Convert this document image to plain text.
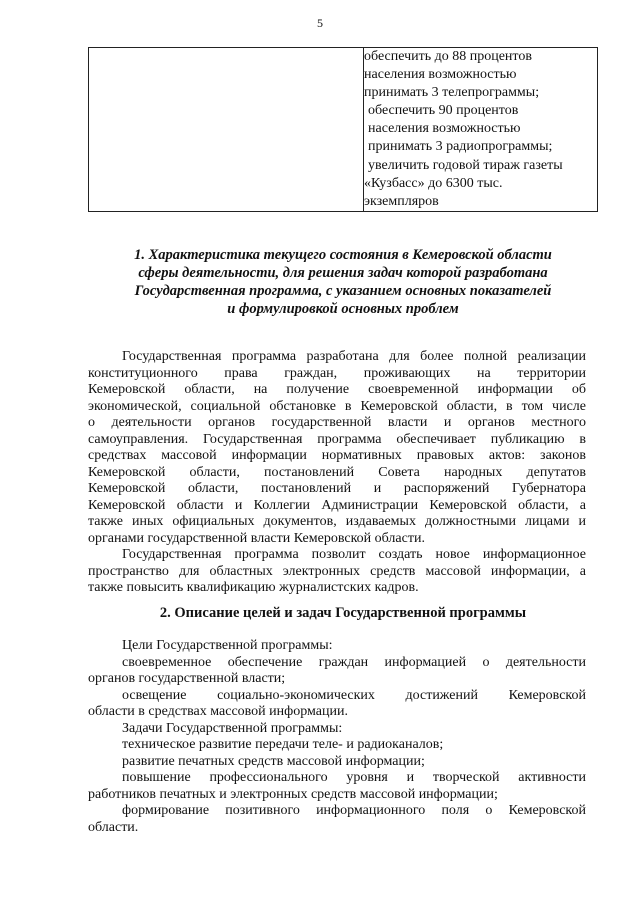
5

обеспечить до 88 процентов
населения возможностью
принимать 3 телепрограммы;
обеспечить 90 процентов
населения возможностью
принимать 3 радиопрограммы;
увеличить годовой тираж газеты
«Кузбасс» до 6300 тыс.
экземпляров
1. Характеристика текущего состояния в Кемеровской области
сферы деятельности, для решения задач которой разработана
Государственная программа, с указанием основных показателей
и формулировкой основных проблем
Государственная программа разработана для более полной реализации
конституционного права граждан, проживающих на территории
Кемеровской области, на получение своевременной информации об
экономической, социальной обстановке в Кемеровской области, в том числе
о деятельности органов государственной власти и органов местного
самоуправления. Государственная программа обеспечивает публикацию в
средствах массовой информации нормативных правовых актов: законов
Кемеровской области, постановлений Совета народных депутатов
Кемеровской области, постановлений и распоряжений Губернатора
Кемеровской области и Коллегии Администрации Кемеровской области, а
также иных официальных документов, издаваемых должностными лицами и
органами государственной власти Кемеровской области.
Государственная программа позволит создать новое информационное
пространство для областных электронных средств массовой информации, а
также повысить квалификацию журналистских кадров.
2. Описание целей и задач Государственной программы
Цели Государственной программы:
своевременное обеспечение граждан информацией о деятельности
органов государственной власти;
освещение социально-экономических достижений Кемеровской
области в средствах массовой информации.
Задачи Государственной программы:
техническое развитие передачи теле- и радиоканалов;
развитие печатных средств массовой информации;
повышение профессионального уровня и творческой активности
работников печатных и электронных средств массовой информации;
формирование позитивного информационного поля о Кемеровской
области.
